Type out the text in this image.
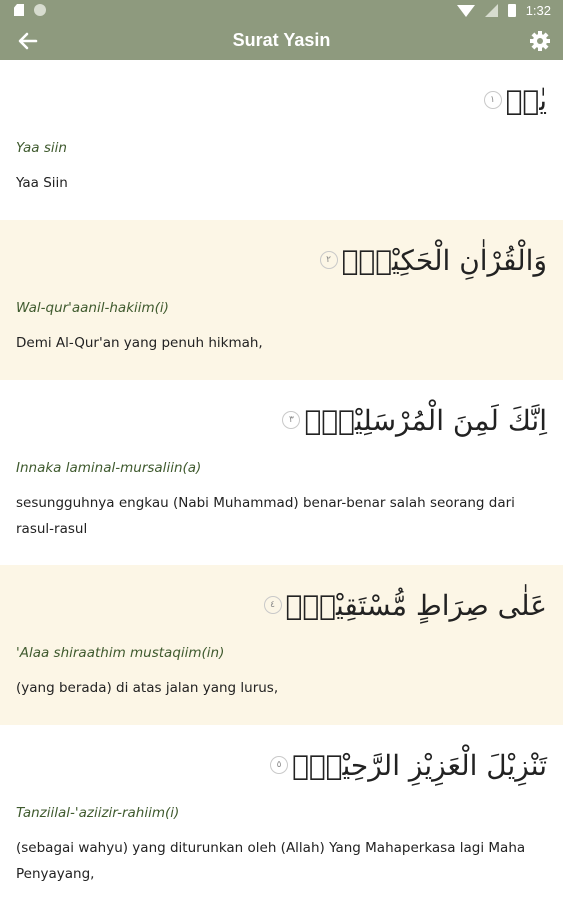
1:32
Surat Yasin
١ يٰسۤ
Yaa siin
Yaa Siin
٢ وَالْقُرْاٰنِ الْحَكِيْمِۙ
Wal-qur'aanil-hakiim(i)
Demi Al-Qur'an yang penuh hikmah,
٣ اِنَّكَ لَمِنَ الْمُرْسَلِيْنَۙ
Innaka laminal-mursaliin(a)
sesungguhnya engkau (Nabi Muhammad) benar-benar salah seorang dari rasul-rasul
٤ عَلٰى صِرَاطٍ مُّسْتَقِيْمٍۗ
'Alaa shiraathim mustaqiim(in)
(yang berada) di atas jalan yang lurus,
٥ تَنْزِيْلَ الْعَزِيْزِ الرَّحِيْمِۙ
Tanziilal-'aziizir-rahiim(i)
(sebagai wahyu) yang diturunkan oleh (Allah) Yang Mahaperkasa lagi Maha Penyayang,
